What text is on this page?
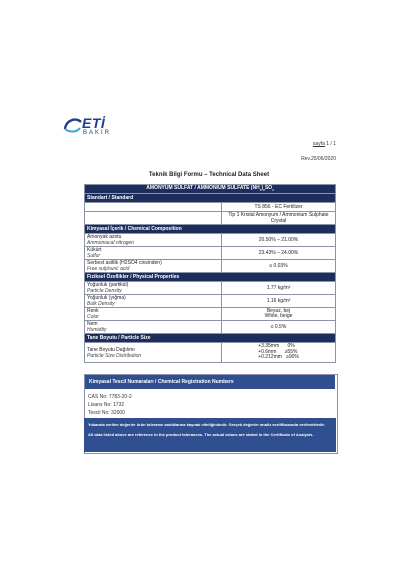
ETİ
BAKIR
sayfa 1 / 1
Rev.25/06/2020
Teknik Bilgi Formu – Technical Data Sheet
AMONYUM SÜLFAT / AMMONIUM SULFATE $(NH_4)_2SO_4$
Standart / Standard	
	TS 856 - EC Fertilizer
	Tip 1 Kristal Amonyum / Ammonium Sulphate Crystal
Kimyasal İçerik / Chemical Composition	

Amonyak azotu
Ammoniacal nitrogen	20.50% – 21.00%

Kükürt
Sulfur	23.43% – 24.00%

Serbest asitlik (H2SO4 cinsinden)
Free sulphuric acid	≤ 0.03%
Fiziksel Özellikler / Physical Properties	

Yoğunluk (partikül)
Particle Density	1.77 kg/m³

Yoğunluk (yığma)
Bulk Density	1.16 kg/m³

Renk
Color	Beyaz, bej
White, beige

Nem
Humidity	≤ 0.5%
Tane Boyutu / Particle Size	

Tane Boyutu Dağılımı
Particle Size Distribution	+3.35mm      0%
+0.6mm      ≥55%
+0.212mm   ≥90%
Kimyasal Tescil Numaraları / Chemical Registration Numbers
CAS No: 7783-20-2
Lisans No: 1732
Tescil No: 32000

Yukarıda verilen değerler ürün toleransı aralıklarına kaynak niteliğindedir. Gerçek değerler analiz sertifikasında verilmektedir.

All data listed above are reference to the product tolerances. The actual values are stated in the Certificate of Analysis.
